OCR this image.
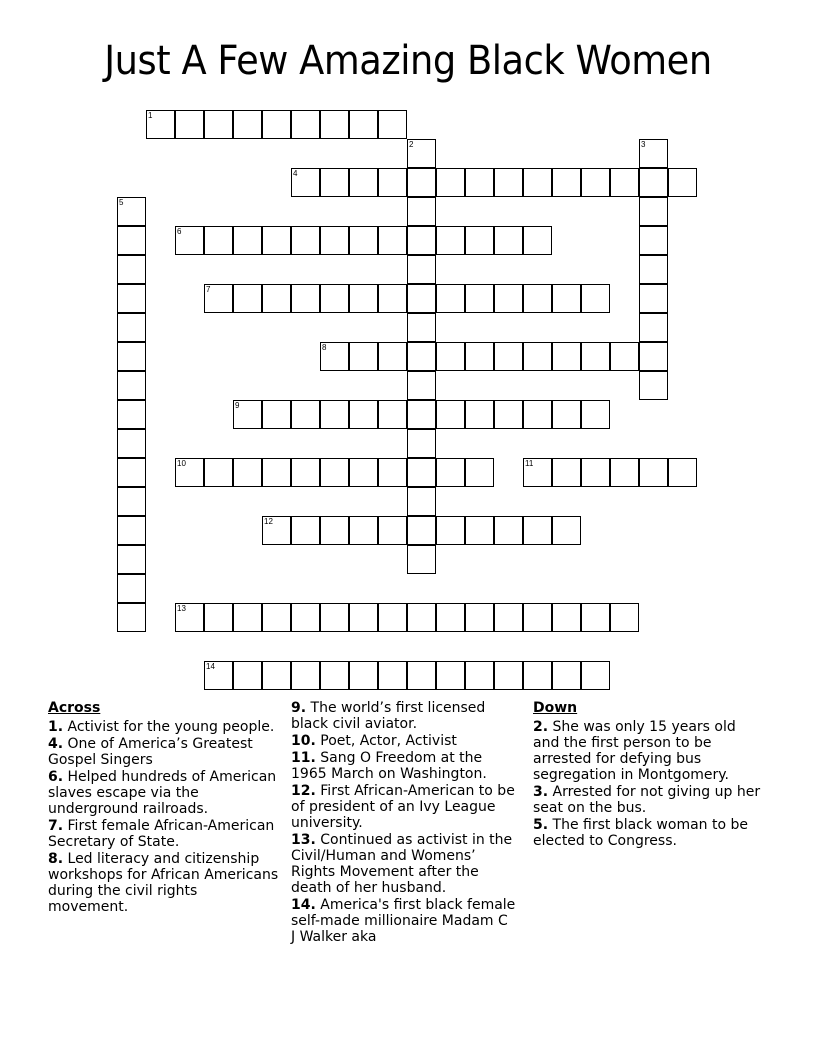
Just A Few Amazing Black Women
1
2	3
4
5
6
7
8
9
10	11
12
13
14
Across
1. Activist for the young people.
4. One of America’s Greatest Gospel Singers
6. Helped hundreds of American slaves escape via the underground railroads.
7. First female African-American Secretary of State.
8. Led literacy and citizenship workshops for African Americans during the civil rights movement.
9. The world’s first licensed black civil aviator.
10. Poet, Actor, Activist
11. Sang O Freedom at the 1965 March on Washington.
12. First African-American to be of president of an Ivy League university.
13. Continued as activist in the Civil/Human and Womens’ Rights Movement after the death of her husband.
14. America's first black female self-made millionaire Madam C J Walker aka
Down
2. She was only 15 years old and the first person to be arrested for defying bus segregation in Montgomery.
3. Arrested for not giving up her seat on the bus.
5. The first black woman to be elected to Congress.
